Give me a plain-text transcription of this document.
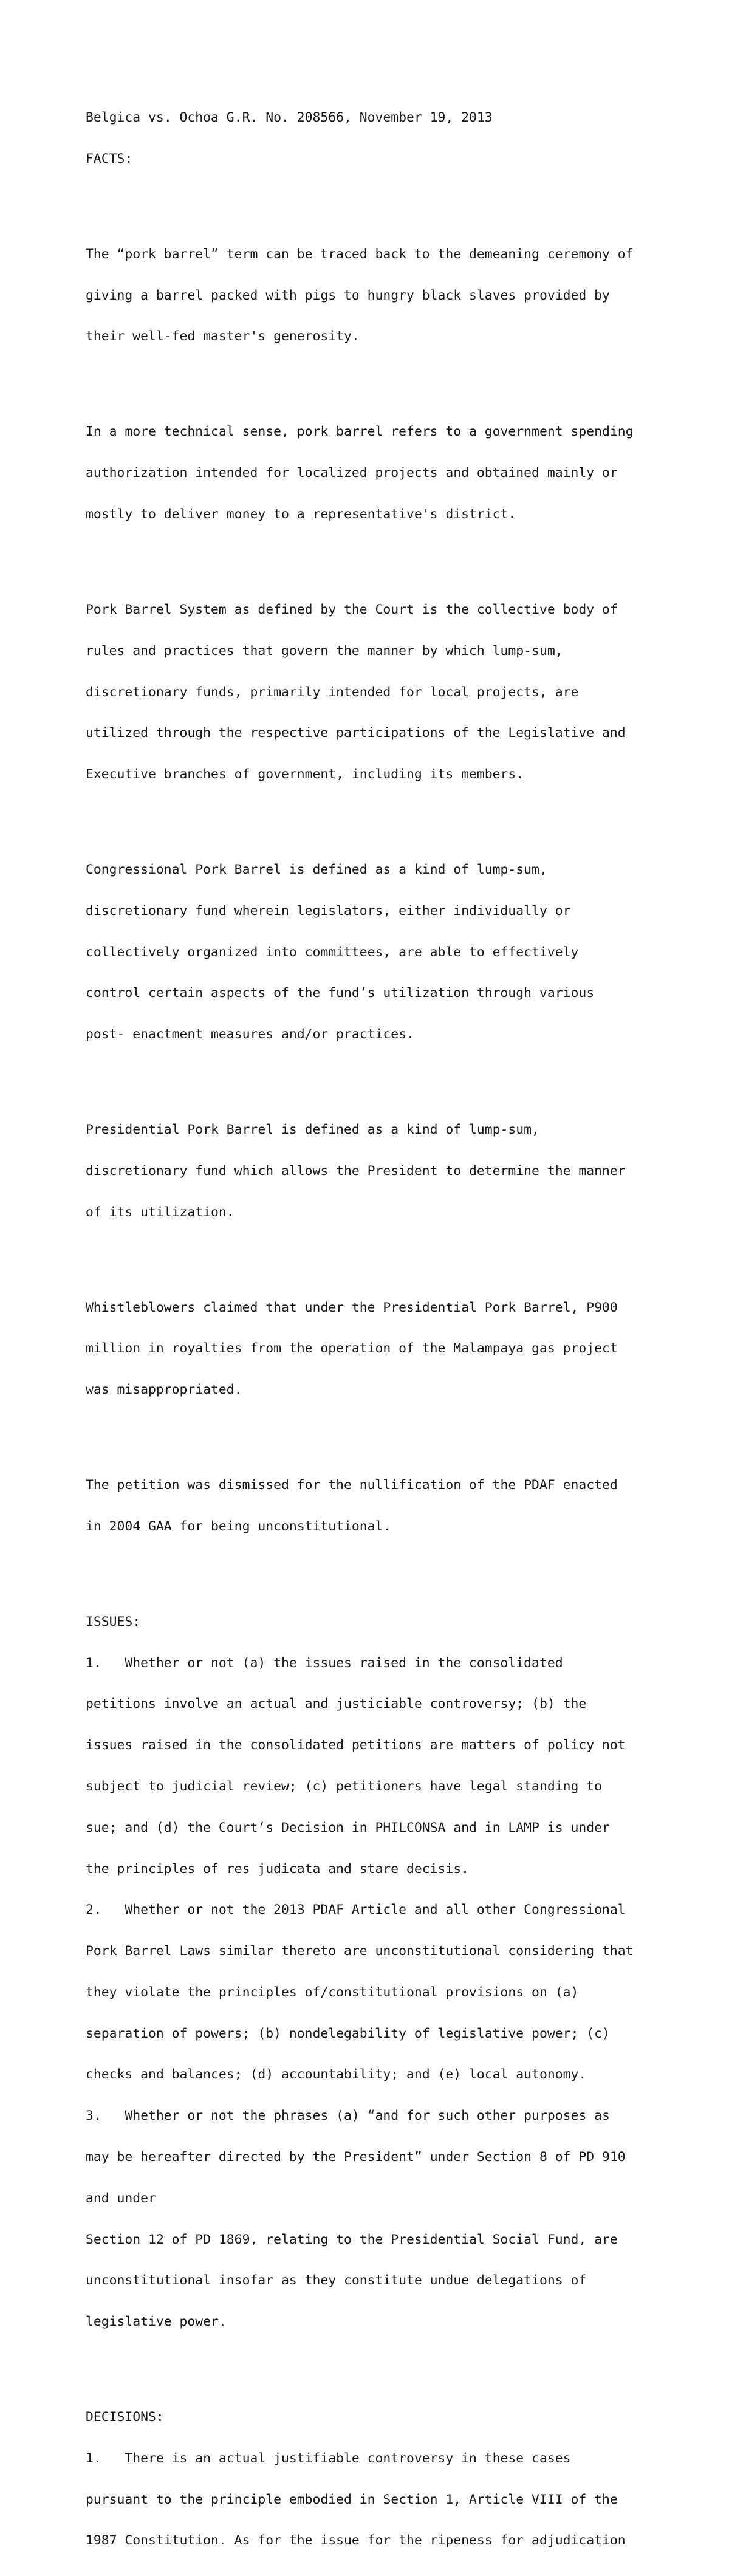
Belgica vs. Ochoa G.R. No. 208566, November 19, 2013

FACTS:

The “pork barrel” term can be traced back to the demeaning ceremony of

giving a barrel packed with pigs to hungry black slaves provided by

their well-fed master's generosity.

In a more technical sense, pork barrel refers to a government spending

authorization intended for localized projects and obtained mainly or

mostly to deliver money to a representative's district.

Pork Barrel System as defined by the Court is the collective body of

rules and practices that govern the manner by which lump-sum,

discretionary funds, primarily intended for local projects, are

utilized through the respective participations of the Legislative and

Executive branches of government, including its members.

Congressional Pork Barrel is defined as a kind of lump-sum,

discretionary fund wherein legislators, either individually or

collectively organized into committees, are able to effectively

control certain aspects of the fund’s utilization through various

post- enactment measures and/or practices.

Presidential Pork Barrel is defined as a kind of lump-sum,

discretionary fund which allows the President to determine the manner

of its utilization.

Whistleblowers claimed that under the Presidential Pork Barrel, P900

million in royalties from the operation of the Malampaya gas project

was misappropriated.

The petition was dismissed for the nullification of the PDAF enacted

in 2004 GAA for being unconstitutional.

ISSUES:

1.   Whether or not (a) the issues raised in the consolidated

petitions involve an actual and justiciable controversy; (b) the

issues raised in the consolidated petitions are matters of policy not

subject to judicial review; (c) petitioners have legal standing to

sue; and (d) the Court‘s Decision in PHILCONSA and in LAMP is under

the principles of res judicata and stare decisis.

2.   Whether or not the 2013 PDAF Article and all other Congressional

Pork Barrel Laws similar thereto are unconstitutional considering that

they violate the principles of/constitutional provisions on (a)

separation of powers; (b) nondelegability of legislative power; (c)

checks and balances; (d) accountability; and (e) local autonomy.

3.   Whether or not the phrases (a) “and for such other purposes as

may be hereafter directed by the President” under Section 8 of PD 910

and under

Section 12 of PD 1869, relating to the Presidential Social Fund, are

unconstitutional insofar as they constitute undue delegations of

legislative power.

DECISIONS:

1.   There is an actual justifiable controversy in these cases

pursuant to the principle embodied in Section 1, Article VIII of the

1987 Constitution. As for the issue for the ripeness for adjudication
